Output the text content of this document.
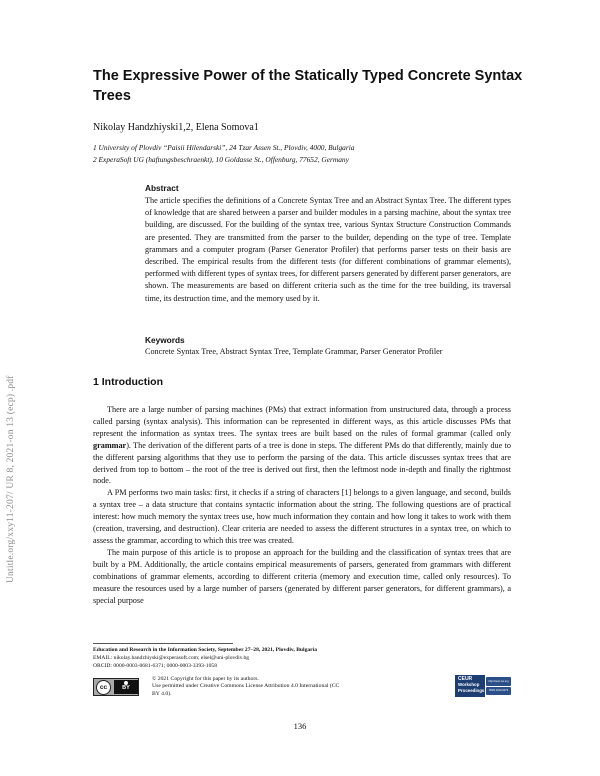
Untitle.org/xxy11-207/ UR 8, 2021-on 13 (ecp) .pdf
The Expressive Power of the Statically Typed Concrete Syntax Trees
Nikolay Handzhiyski1,2, Elena Somova1
1 University of Plovdiv “Paisii Hilendarski”, 24 Tzar Assen St., Plovdiv, 4000, Bulgaria
2 ExperaSoft UG (haftungsbeschraenkt), 10 Goldasse St., Offenburg, 77652, Germany
Abstract
The article specifies the definitions of a Concrete Syntax Tree and an Abstract Syntax Tree. The different types of knowledge that are shared between a parser and builder modules in a parsing machine, about the syntax tree building, are discussed. For the building of the syntax tree, various Syntax Structure Construction Commands are presented. They are transmitted from the parser to the builder, depending on the type of tree. Template grammars and a computer program (Parser Generator Profiler) that performs parser tests on their basis are described. The empirical results from the different tests (for different combinations of grammar elements), performed with different types of syntax trees, for different parsers generated by different parser generators, are shown. The measurements are based on different criteria such as the time for the tree building, its traversal time, its destruction time, and the memory used by it.
Keywords
Concrete Syntax Tree, Abstract Syntax Tree, Template Grammar, Parser Generator Profiler
1 Introduction

There are a large number of parsing machines (PMs) that extract information from unstructured data, through a process called parsing (syntax analysis). This information can be represented in different ways, as this article discusses PMs that represent the information as syntax trees. The syntax trees are built based on the rules of formal grammar (called only grammar). The derivation of the different parts of a tree is done in steps. The different PMs do that differently, mainly due to the different parsing algorithms that they use to perform the parsing of the data. This article discusses syntax trees that are derived from top to bottom – the root of the tree is derived out first, then the leftmost node in-depth and finally the rightmost node.

A PM performs two main tasks: first, it checks if a string of characters [1] belongs to a given language, and second, builds a syntax tree – a data structure that contains syntactic information about the string. The following questions are of practical interest: how much memory the syntax trees use, how much information they contain and how long it takes to work with them (creation, traversing, and destruction). Clear criteria are needed to assess the different structures in a syntax tree, on which to assess the grammar, according to which this tree was created.

The main purpose of this article is to propose an approach for the building and the classification of syntax trees that are built by a PM. Additionally, the article contains empirical measurements of parsers, generated from grammars with different combinations of grammar elements, according to different criteria (memory and execution time, called only resources). To measure the resources used by a large number of parsers (generated by different parser generators, for different grammars), a special purpose

Education and Research in the Information Society, September 27–28, 2021, Plovdiv, Bulgaria
EMAIL: nikolay.handzhiyski@experasoft.com; elsel@uni-plovdiv.bg
ORCID: 0000-0003-0681-6371; 0000-0003-3393-1058
cc	BY
© 2021 Copyright for this paper by its authors.
Use permitted under Creative Commons License Attribution 4.0 International (CC BY 4.0).
CEUR
Workshop
Proceedings
http://ceur-ws.org
ISSN 1613-0073
136
